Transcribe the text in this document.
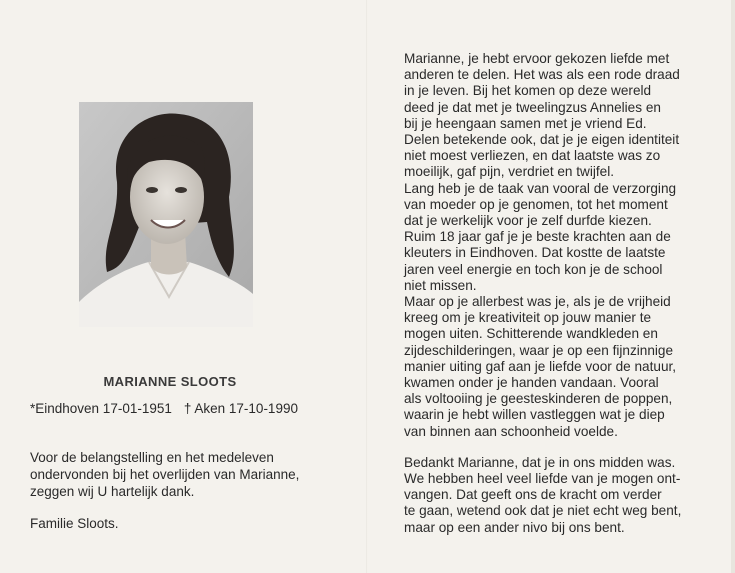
MARIANNE SLOOTS
*Eindhoven 17-01-1951 † Aken 17-10-1990
Voor de belangstelling en het medeleven
ondervonden bij het overlijden van Marianne,
zeggen wij U hartelijk dank.
Familie Sloots.
Marianne, je hebt ervoor gekozen liefde met
anderen te delen. Het was als een rode draad
in je leven. Bij het komen op deze wereld
deed je dat met je tweelingzus Annelies en
bij je heengaan samen met je vriend Ed.
Delen betekende ook, dat je je eigen identiteit
niet moest verliezen, en dat laatste was zo
moeilijk, gaf pijn, verdriet en twijfel.
Lang heb je de taak van vooral de verzorging
van moeder op je genomen, tot het moment
dat je werkelijk voor je zelf durfde kiezen.
Ruim 18 jaar gaf je je beste krachten aan de
kleuters in Eindhoven. Dat kostte de laatste
jaren veel energie en toch kon je de school
niet missen.
Maar op je allerbest was je, als je de vrijheid
kreeg om je kreativiteit op jouw manier te
mogen uiten. Schitterende wandkleden en
zijdeschilderingen, waar je op een fijnzinnige
manier uiting gaf aan je liefde voor de natuur,
kwamen onder je handen vandaan. Vooral
als voltooiing je geesteskinderen de poppen,
waarin je hebt willen vastleggen wat je diep
van binnen aan schoonheid voelde.
Bedankt Marianne, dat je in ons midden was.
We hebben heel veel liefde van je mogen ont-
vangen. Dat geeft ons de kracht om verder
te gaan, wetend ook dat je niet echt weg bent,
maar op een ander nivo bij ons bent.
